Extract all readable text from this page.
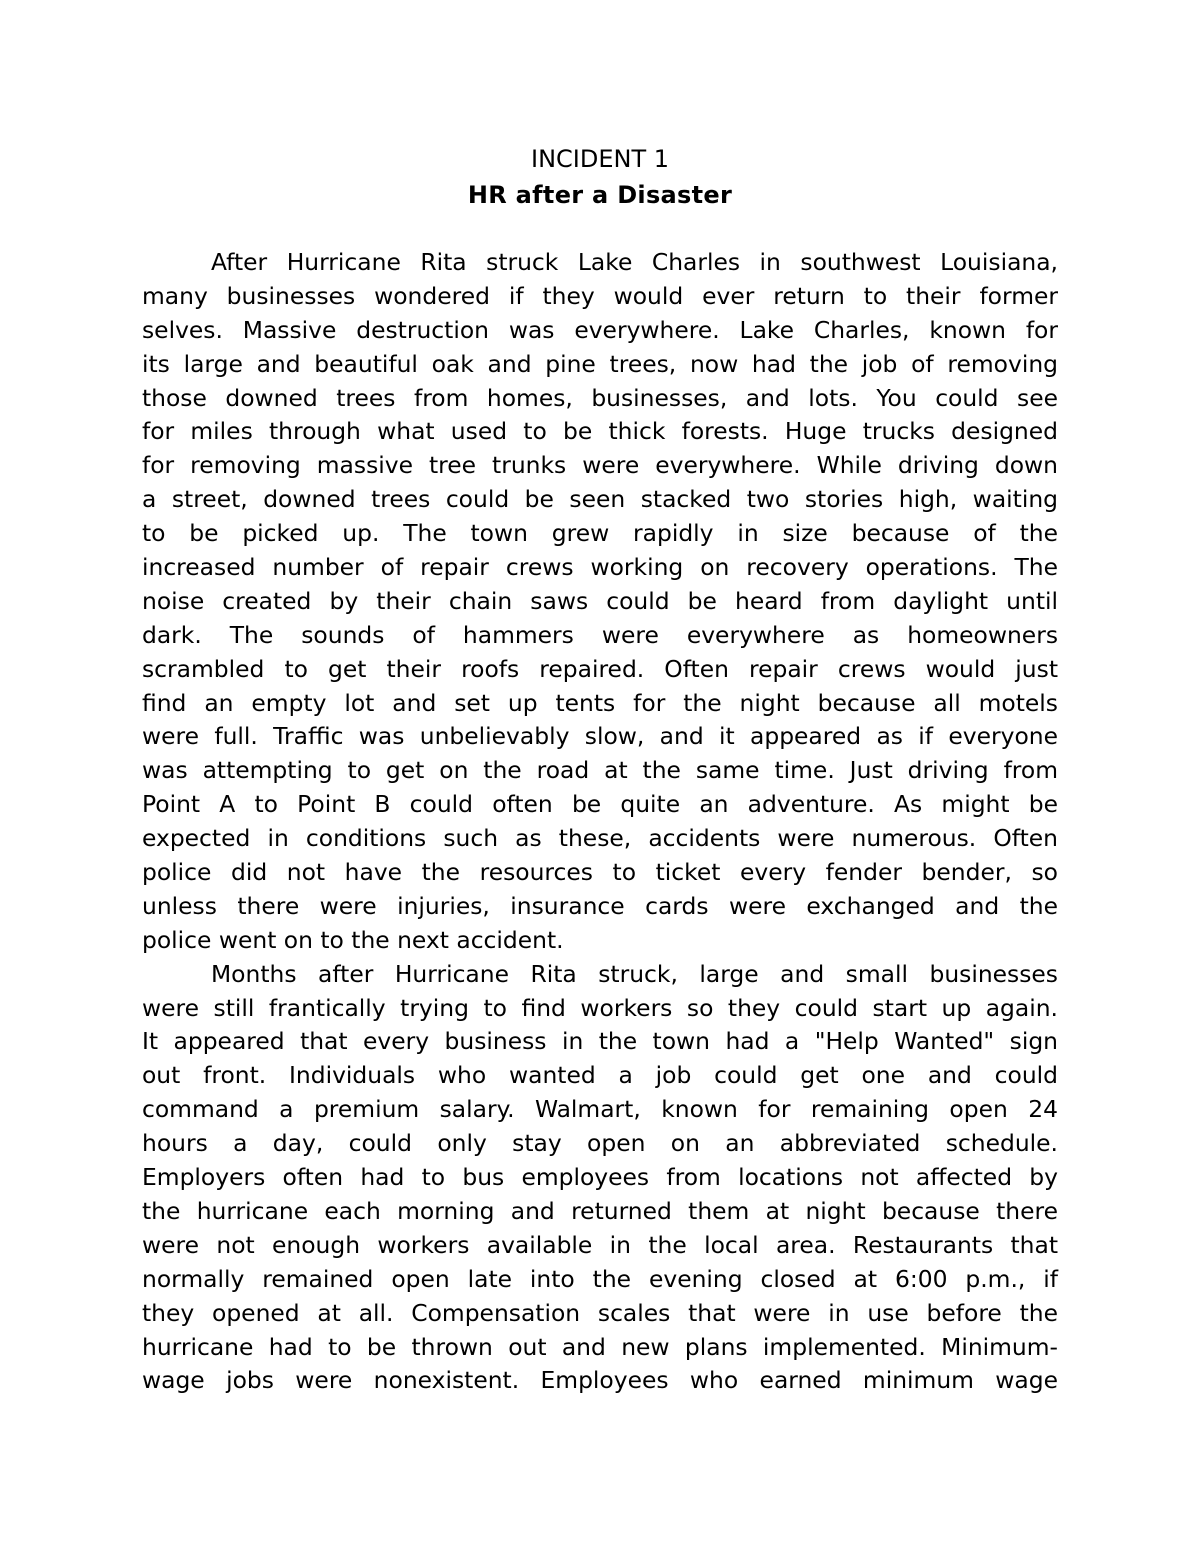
INCIDENT 1
HR after a Disaster
After Hurricane Rita struck Lake Charles in southwest Louisiana,
many businesses wondered if they would ever return to their former
selves. Massive destruction was everywhere. Lake Charles, known for
its large and beautiful oak and pine trees, now had the job of removing
those downed trees from homes, businesses, and lots. You could see
for miles through what used to be thick forests. Huge trucks designed
for removing massive tree trunks were everywhere. While driving down
a street, downed trees could be seen stacked two stories high, waiting
to be picked up. The town grew rapidly in size because of the
increased number of repair crews working on recovery operations. The
noise created by their chain saws could be heard from daylight until
dark. The sounds of hammers were everywhere as homeowners
scrambled to get their roofs repaired. Often repair crews would just
find an empty lot and set up tents for the night because all motels
were full. Traffic was unbelievably slow, and it appeared as if everyone
was attempting to get on the road at the same time. Just driving from
Point A to Point B could often be quite an adventure. As might be
expected in conditions such as these, accidents were numerous. Often
police did not have the resources to ticket every fender bender, so
unless there were injuries, insurance cards were exchanged and the
police went on to the next accident.
Months after Hurricane Rita struck, large and small businesses
were still frantically trying to find workers so they could start up again.
It appeared that every business in the town had a "Help Wanted" sign
out front. Individuals who wanted a job could get one and could
command a premium salary. Walmart, known for remaining open 24
hours a day, could only stay open on an abbreviated schedule.
Employers often had to bus employees from locations not affected by
the hurricane each morning and returned them at night because there
were not enough workers available in the local area. Restaurants that
normally remained open late into the evening closed at 6:00 p.m., if
they opened at all. Compensation scales that were in use before the
hurricane had to be thrown out and new plans implemented. Minimum-
wage jobs were nonexistent. Employees who earned minimum wage
